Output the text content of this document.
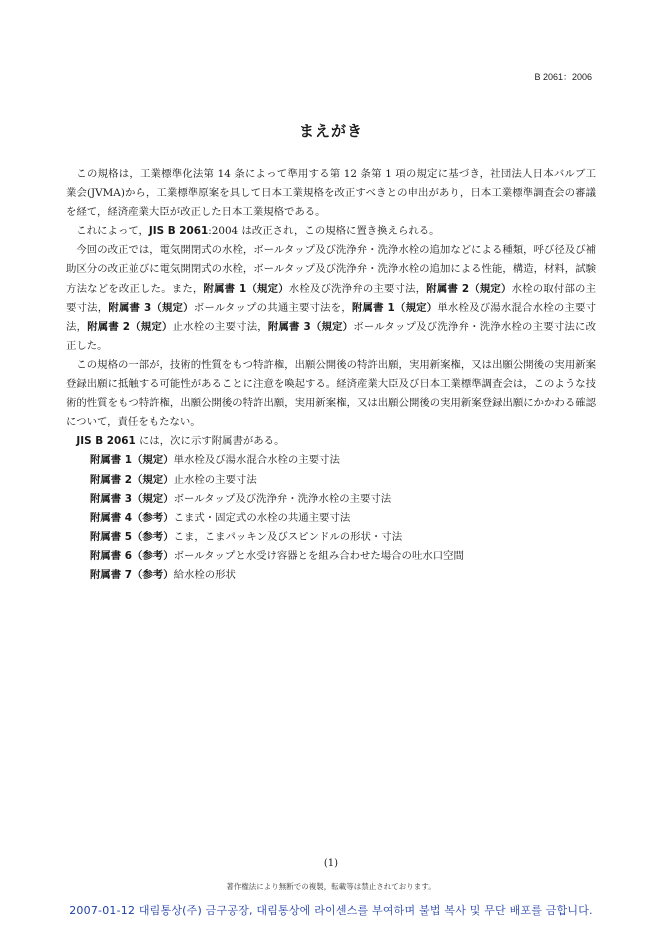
B 2061：2006
まえがき

この規格は，工業標準化法第 14 条によって準用する第 12 条第 1 項の規定に基づき，社団法人日本バルブ工業会(JVMA)から，工業標準原案を具して日本工業規格を改正すべきとの申出があり，日本工業標準調査会の審議を経て，経済産業大臣が改正した日本工業規格である。

これによって，JIS B 2061:2004 は改正され，この規格に置き換えられる。

今回の改正では，電気開閉式の水栓，ボールタップ及び洗浄弁・洗浄水栓の追加などによる種類，呼び径及び補助区分の改正並びに電気開閉式の水栓，ボールタップ及び洗浄弁・洗浄水栓の追加による性能，構造，材料，試験方法などを改正した。また，附属書 1（規定）水栓及び洗浄弁の主要寸法，附属書 2（規定）水栓の取付部の主要寸法，附属書 3（規定）ボールタップの共通主要寸法を，附属書 1（規定）単水栓及び湯水混合水栓の主要寸法，附属書 2（規定）止水栓の主要寸法，附属書 3（規定）ボールタップ及び洗浄弁・洗浄水栓の主要寸法に改正した。

この規格の一部が，技術的性質をもつ特許権，出願公開後の特許出願，実用新案権，又は出願公開後の実用新案登録出願に抵触する可能性があることに注意を喚起する。経済産業大臣及び日本工業標準調査会は，このような技術的性質をもつ特許権，出願公開後の特許出願，実用新案権，又は出願公開後の実用新案登録出願にかかわる確認について，責任をもたない。

JIS B 2061 には，次に示す附属書がある。

附属書 1（規定）単水栓及び湯水混合水栓の主要寸法
附属書 2（規定）止水栓の主要寸法
附属書 3（規定）ボールタップ及び洗浄弁・洗浄水栓の主要寸法
附属書 4（参考）こま式・固定式の水栓の共通主要寸法
附属書 5（参考）こま，こまパッキン及びスピンドルの形状・寸法
附属書 6（参考）ボールタップと水受け容器とを組み合わせた場合の吐水口空間
附属書 7（参考）給水栓の形状
(1)
著作権法により無断での複製，転載等は禁止されております。
2007-01-12 대림통상(주) 금구공장, 대림통상에 라이센스를 부여하며 불법 복사 및 무단 배포를 금합니다.
